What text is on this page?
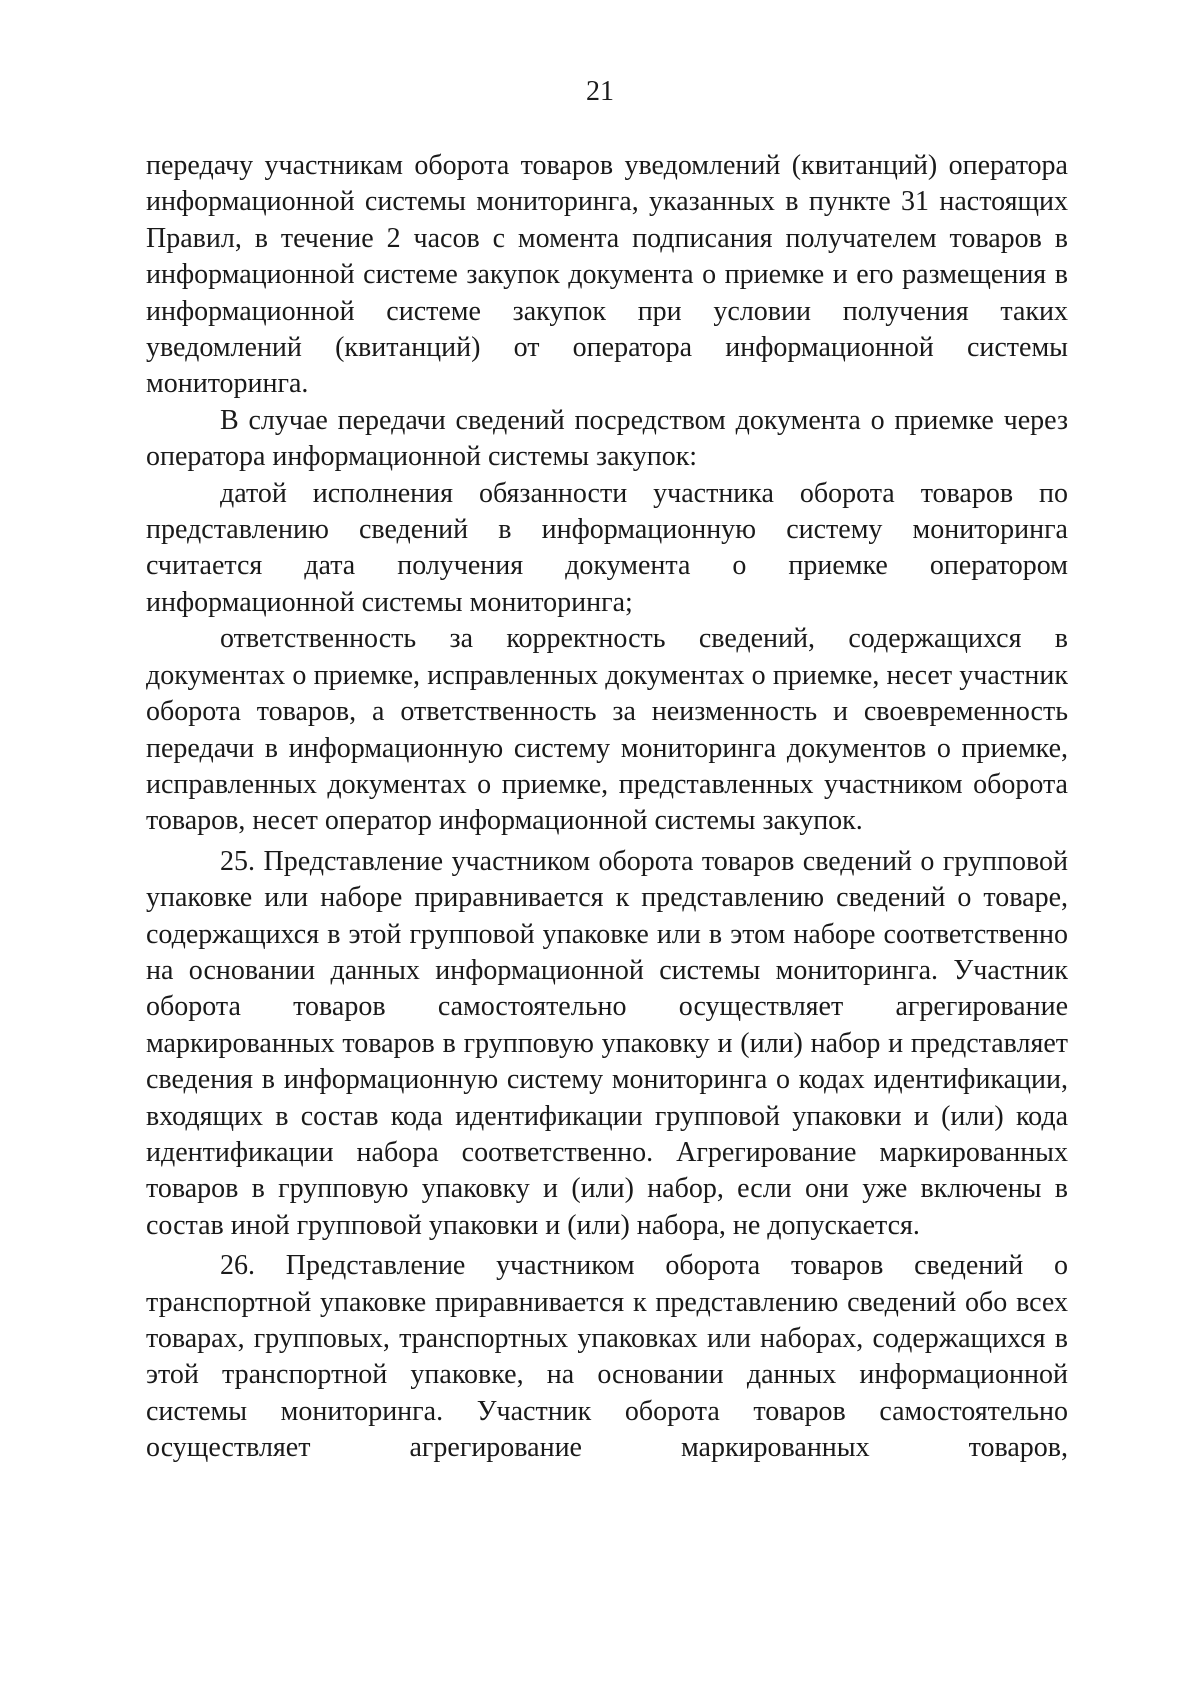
21

передачу участникам оборота товаров уведомлений (квитанций) оператора информационной системы мониторинга, указанных в пункте 31 настоящих Правил, в течение 2 часов с момента подписания получателем товаров в информационной системе закупок документа о приемке и его размещения в информационной системе закупок при условии получения таких уведомлений (квитанций) от оператора информационной системы мониторинга.

В случае передачи сведений посредством документа о приемке через оператора информационной системы закупок:

датой исполнения обязанности участника оборота товаров по представлению сведений в информационную систему мониторинга считается дата получения документа о приемке оператором информационной системы мониторинга;

ответственность за корректность сведений, содержащихся в документах о приемке, исправленных документах о приемке, несет участник оборота товаров, а ответственность за неизменность и своевременность передачи в информационную систему мониторинга документов о приемке, исправленных документах о приемке, представленных участником оборота товаров, несет оператор информационной системы закупок.

25. Представление участником оборота товаров сведений о групповой упаковке или наборе приравнивается к представлению сведений о товаре, содержащихся в этой групповой упаковке или в этом наборе соответственно на основании данных информационной системы мониторинга. Участник оборота товаров самостоятельно осуществляет агрегирование маркированных товаров в групповую упаковку и (или) набор и представляет сведения в информационную систему мониторинга о кодах идентификации, входящих в состав кода идентификации групповой упаковки и (или) кода идентификации набора соответственно. Агрегирование маркированных товаров в групповую упаковку и (или) набор, если они уже включены в состав иной групповой упаковки и (или) набора, не допускается.

26. Представление участником оборота товаров сведений о транспортной упаковке приравнивается к представлению сведений обо всех товарах, групповых, транспортных упаковках или наборах, содержащихся в этой транспортной упаковке, на основании данных информационной системы мониторинга. Участник оборота товаров самостоятельно осуществляет агрегирование маркированных товаров,
